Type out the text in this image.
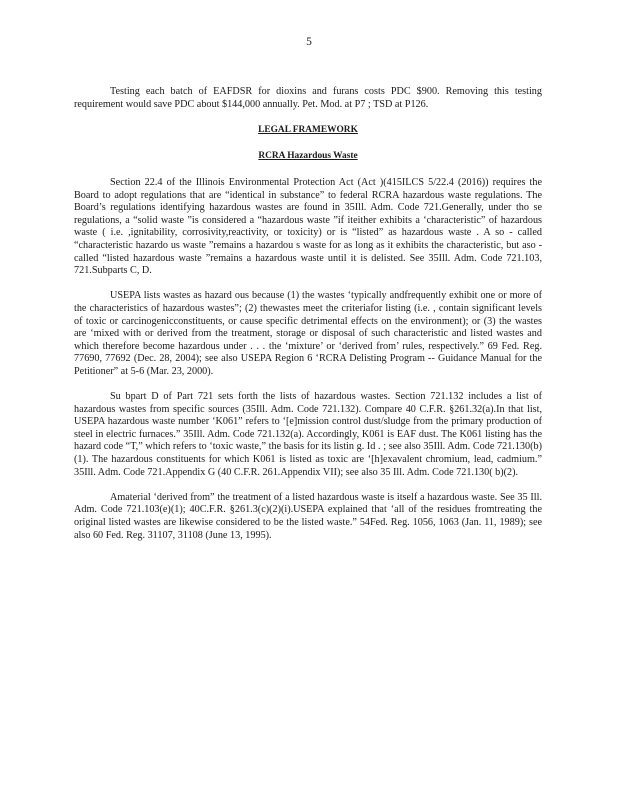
5

Testing each batch of EAFDSR for dioxins and furans costs PDC $900. Removing this testing requirement would save PDC about $144,000 annually. Pet. Mod. at P7 ; TSD at P126.

LEGAL FRAMEWORK

RCRA Hazardous Waste

Section 22.4 of the Illinois Environmental Protection Act (Act )(415ILCS 5/22.4 (2016)) requires the Board to adopt regulations that are “identical in substance” to federal RCRA hazardous waste regulations. The Board’s regulations identifying hazardous wastes are found in 35Ill. Adm. Code 721.Generally, under tho se regulations, a “solid waste ”is considered a “hazardous waste ”if iteither exhibits a ‘characteristic” of hazardous waste ( i.e. ,ignitability, corrosivity,reactivity, or toxicity) or is “listed” as hazardous waste . A so - called “characteristic hazardo us waste ”remains a hazardou s waste for as long as it exhibits the characteristic, but aso - called “listed hazardous waste ”remains a hazardous waste until it is delisted. See 35Ill. Adm. Code 721.103, 721.Subparts C, D.

USEPA lists wastes as hazard ous because (1) the wastes ‘typically andfrequently exhibit one or more of the characteristics of hazardous wastes”; (2) thewastes meet the criteriafor listing (i.e. , contain significant levels of toxic or carcinogenicconstituents, or cause specific detrimental effects on the environment); or (3) the wastes are ‘mixed with or derived from the treatment, storage or disposal of such characteristic and listed wastes and which therefore become hazardous under . . . the ‘mixture’ or ‘derived from’ rules, respectively.” 69 Fed. Reg. 77690, 77692 (Dec. 28, 2004); see also USEPA Region 6 ‘RCRA Delisting Program -- Guidance Manual for the Petitioner” at 5-6 (Mar. 23, 2000).

Su bpart D of Part 721 sets forth the lists of hazardous wastes. Section 721.132 includes a list of hazardous wastes from specific sources (35Ill. Adm. Code 721.132). Compare 40 C.F.R. §261.32(a).In that list, USEPA hazardous waste number ‘K061” refers to ‘[e]mission control dust/sludge from the primary production of steel in electric furnaces.” 35Ill. Adm. Code 721.132(a). Accordingly, K061 is EAF dust. The K061 listing has the hazard code “T,” which refers to ‘toxic waste,” the basis for its listin g. Id . ; see also 35Ill. Adm. Code 721.130(b)(1). The hazardous constituents for which K061 is listed as toxic are ‘[h]exavalent chromium, lead, cadmium.” 35Ill. Adm. Code 721.Appendix G (40 C.F.R. 261.Appendix VII); see also 35 Ill. Adm. Code 721.130( b)(2).

Amaterial ‘derived from” the treatment of a listed hazardous waste is itself a hazardous waste. See 35 Ill. Adm. Code 721.103(e)(1); 40C.F.R. §261.3(c)(2)(i).USEPA explained that ‘all of the residues fromtreating the original listed wastes are likewise considered to be the listed waste.” 54Fed. Reg. 1056, 1063 (Jan. 11, 1989); see also 60 Fed. Reg. 31107, 31108 (June 13, 1995).
